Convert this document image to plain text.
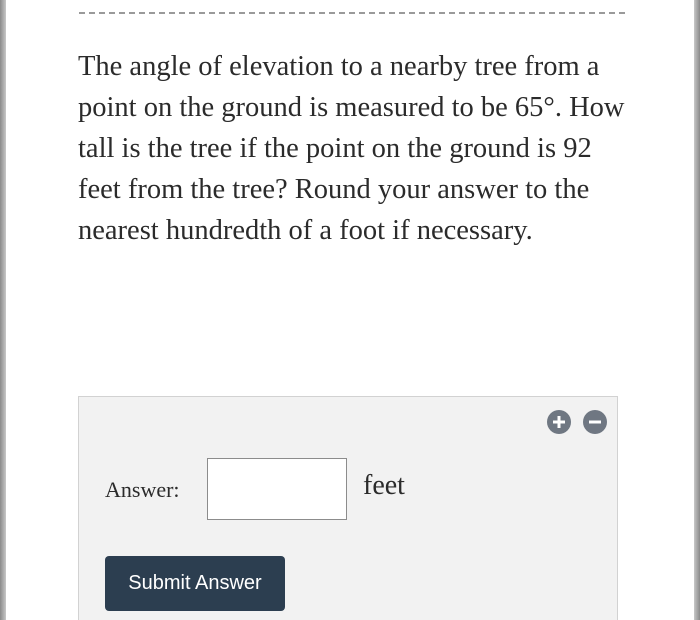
The angle of elevation to a nearby tree from a point on the ground is measured to be 65°. How tall is the tree if the point on the ground is 92 feet from the tree? Round your answer to the nearest hundredth of a foot if necessary.

Answer:	feet
Submit Answer
